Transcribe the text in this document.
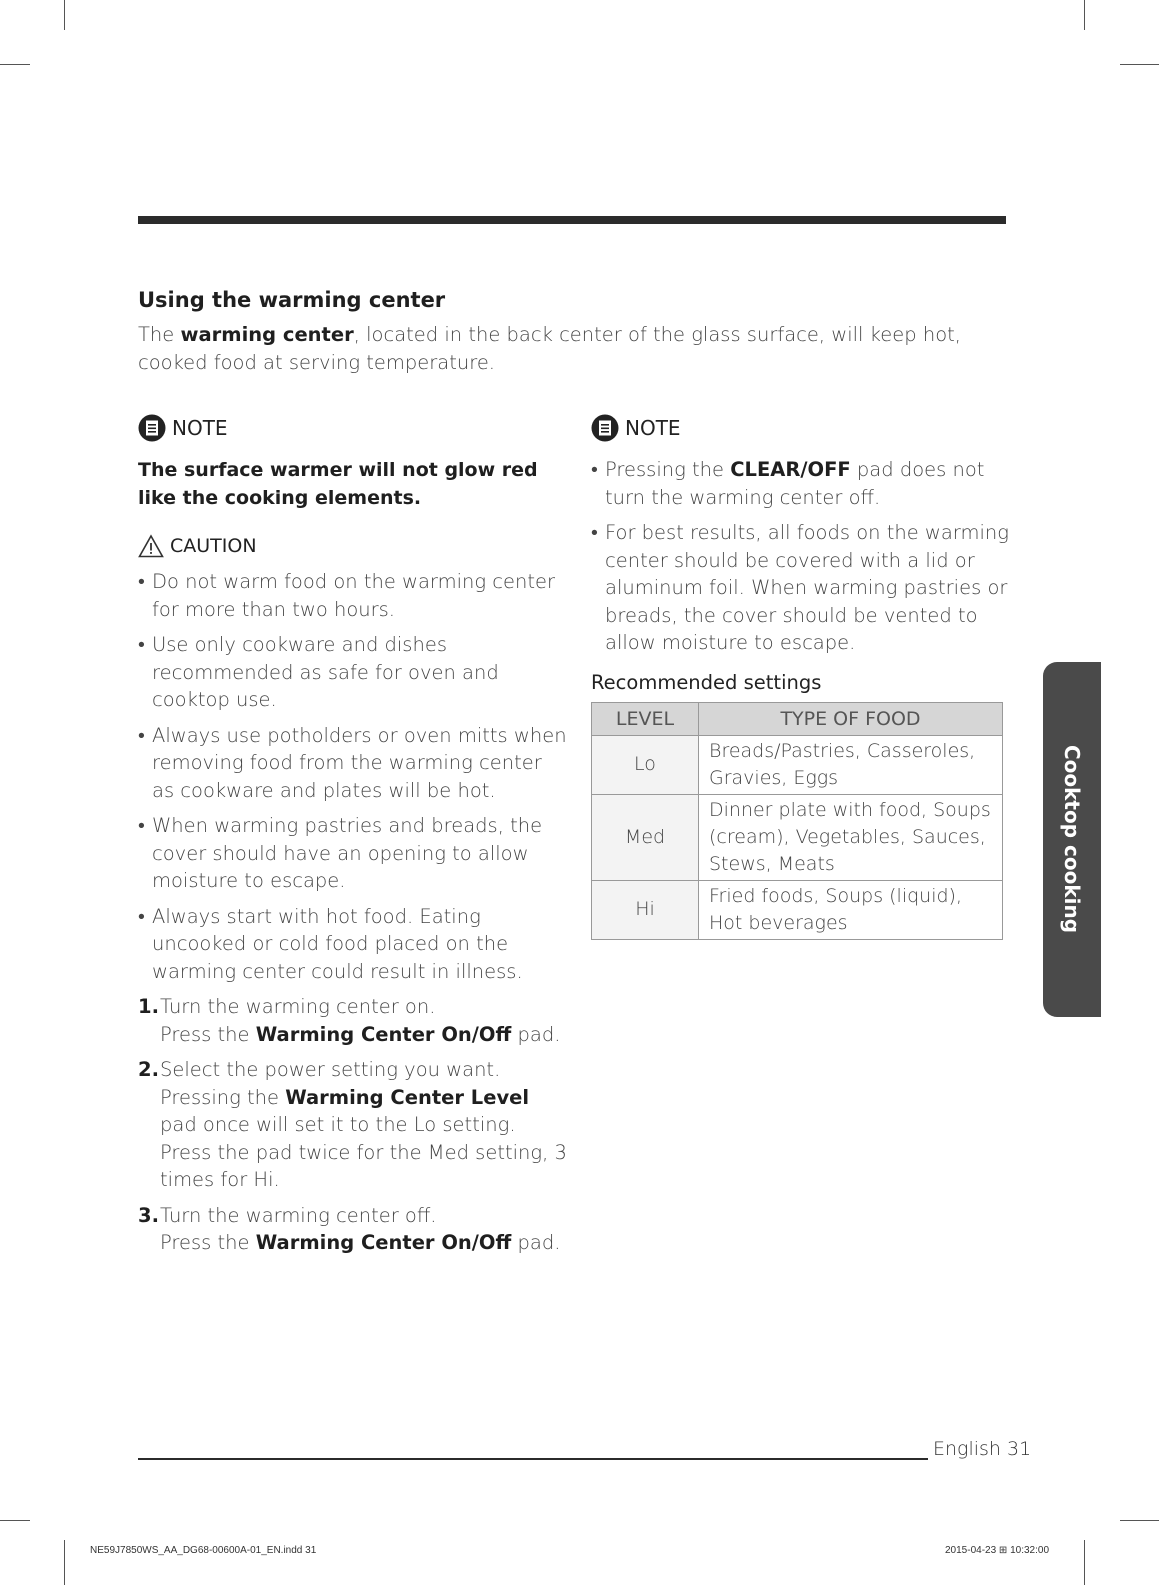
Using the warming center

The warming center, located in the back center of the glass surface, will keep hot, cooked food at serving temperature.

NOTE

The surface warmer will not glow red like the cooking elements.

CAUTION
• Do not warm food on the warming center for more than two hours.
• Use only cookware and dishes recommended as safe for oven and cooktop use.
• Always use potholders or oven mitts when removing food from the warming center as cookware and plates will be hot.
• When warming pastries and breads, the cover should have an opening to allow moisture to escape.
• Always start with hot food. Eating uncooked or cold food placed on the warming center could result in illness.
1. Turn the warming center on.
Press the Warming Center On/Off pad.
2. Select the power setting you want.
Pressing the Warming Center Level pad once will set it to the Lo setting. Press the pad twice for the Med setting, 3 times for Hi.
3. Turn the warming center off.
Press the Warming Center On/Off pad.
NOTE
• Pressing the CLEAR/OFF pad does not turn the warming center off.
• For best results, all foods on the warming center should be covered with a lid or aluminum foil. When warming pastries or breads, the cover should be vented to allow moisture to escape.
Recommended settings
LEVEL	TYPE OF FOOD
Lo	Breads/Pastries, Casseroles, Gravies, Eggs
Med	Dinner plate with food, Soups (cream), Vegetables, Sauces, Stews, Meats
Hi	Fried foods, Soups (liquid), Hot beverages	Cooktop cooking
English 31
NE59J7850WS_AA_DG68-00600A-01_EN.indd 31	2015-04-23 ⊞ 10:32:00
